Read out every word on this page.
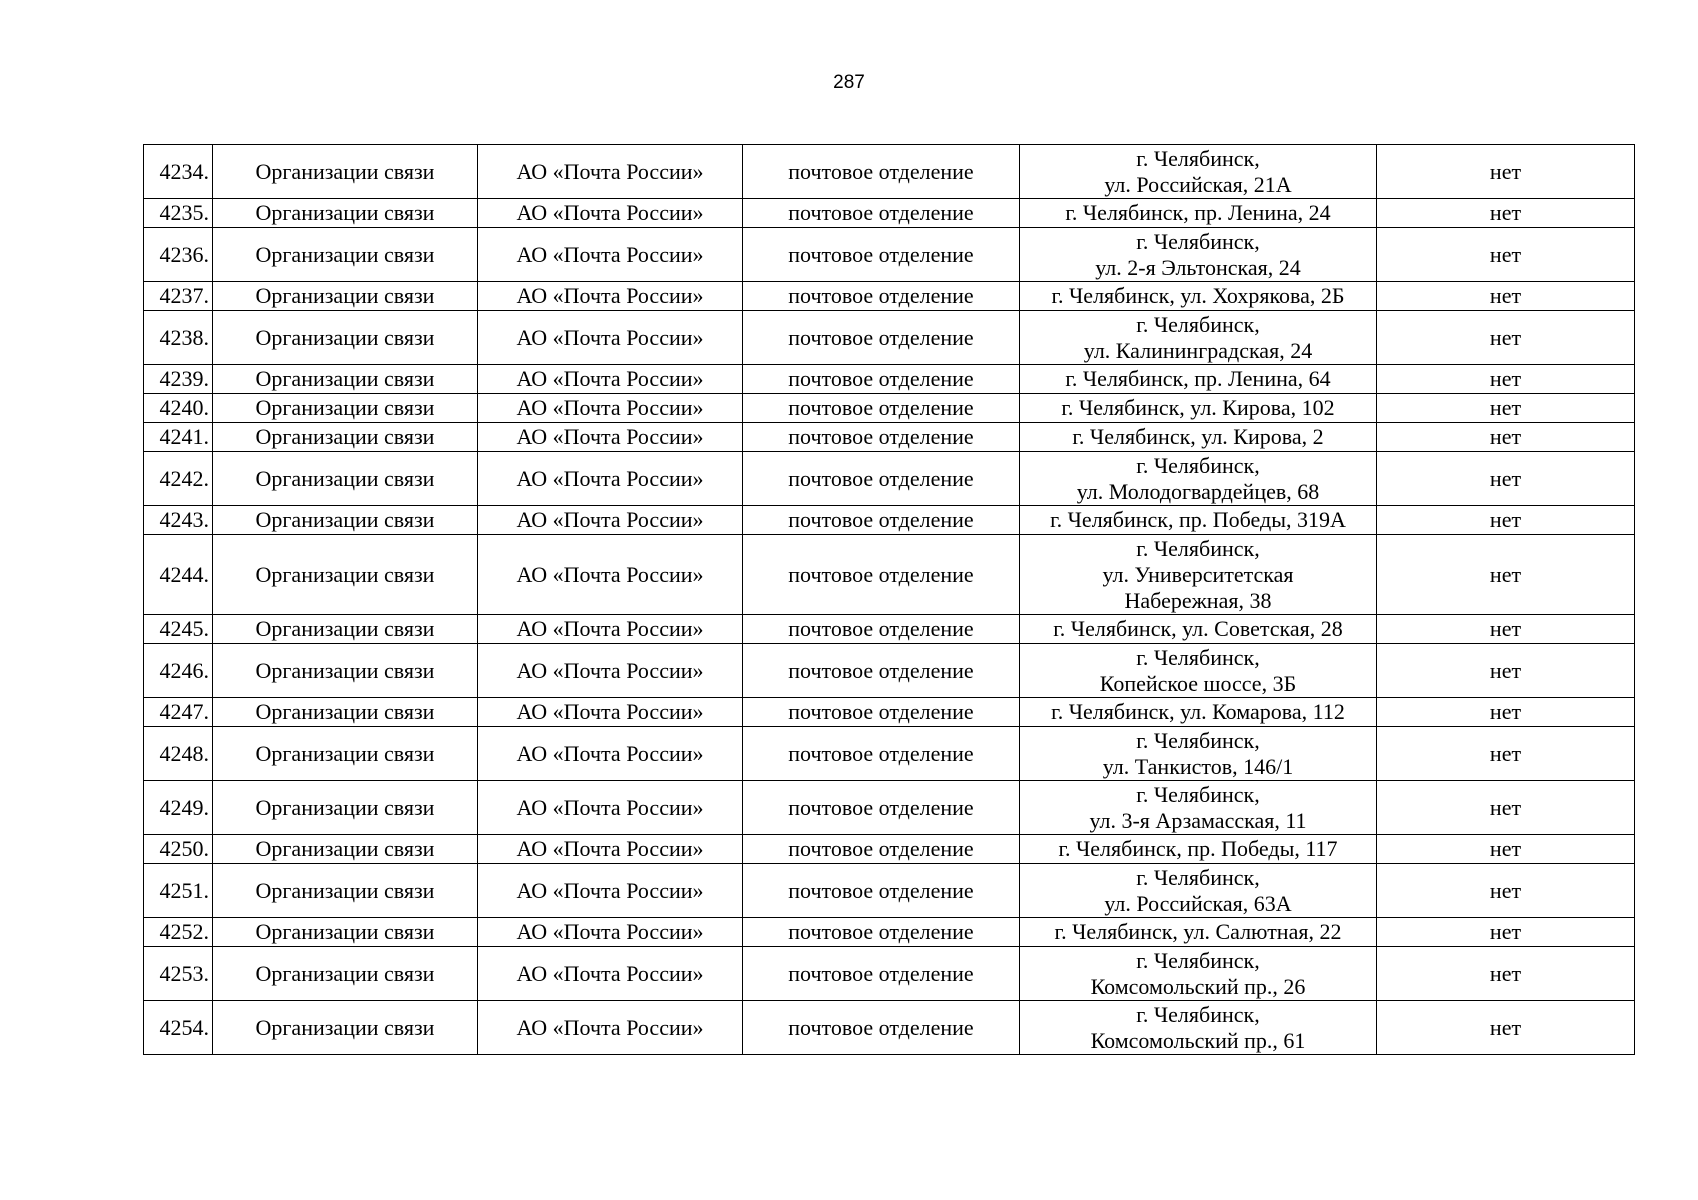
287
4234.	Организации связи	АО «Почта России»	почтовое отделение	г. Челябинск,
ул. Российская, 21А	нет
4235.	Организации связи	АО «Почта России»	почтовое отделение	г. Челябинск, пр. Ленина, 24	нет
4236.	Организации связи	АО «Почта России»	почтовое отделение	г. Челябинск,
ул. 2-я Эльтонская, 24	нет
4237.	Организации связи	АО «Почта России»	почтовое отделение	г. Челябинск, ул. Хохрякова, 2Б	нет
4238.	Организации связи	АО «Почта России»	почтовое отделение	г. Челябинск,
ул. Калининградская, 24	нет
4239.	Организации связи	АО «Почта России»	почтовое отделение	г. Челябинск, пр. Ленина, 64	нет
4240.	Организации связи	АО «Почта России»	почтовое отделение	г. Челябинск, ул. Кирова, 102	нет
4241.	Организации связи	АО «Почта России»	почтовое отделение	г. Челябинск, ул. Кирова, 2	нет
4242.	Организации связи	АО «Почта России»	почтовое отделение	г. Челябинск,
ул. Молодогвардейцев, 68	нет
4243.	Организации связи	АО «Почта России»	почтовое отделение	г. Челябинск, пр. Победы, 319А	нет
4244.	Организации связи	АО «Почта России»	почтовое отделение	г. Челябинск,
ул. Университетская
Набережная, 38	нет
4245.	Организации связи	АО «Почта России»	почтовое отделение	г. Челябинск, ул. Советская, 28	нет
4246.	Организации связи	АО «Почта России»	почтовое отделение	г. Челябинск,
Копейское шоссе, 3Б	нет
4247.	Организации связи	АО «Почта России»	почтовое отделение	г. Челябинск, ул. Комарова, 112	нет
4248.	Организации связи	АО «Почта России»	почтовое отделение	г. Челябинск,
ул. Танкистов, 146/1	нет
4249.	Организации связи	АО «Почта России»	почтовое отделение	г. Челябинск,
ул. 3-я Арзамасская, 11	нет
4250.	Организации связи	АО «Почта России»	почтовое отделение	г. Челябинск, пр. Победы, 117	нет
4251.	Организации связи	АО «Почта России»	почтовое отделение	г. Челябинск,
ул. Российская, 63А	нет
4252.	Организации связи	АО «Почта России»	почтовое отделение	г. Челябинск, ул. Салютная, 22	нет
4253.	Организации связи	АО «Почта России»	почтовое отделение	г. Челябинск,
Комсомольский пр., 26	нет
4254.	Организации связи	АО «Почта России»	почтовое отделение	г. Челябинск,
Комсомольский пр., 61	нет
